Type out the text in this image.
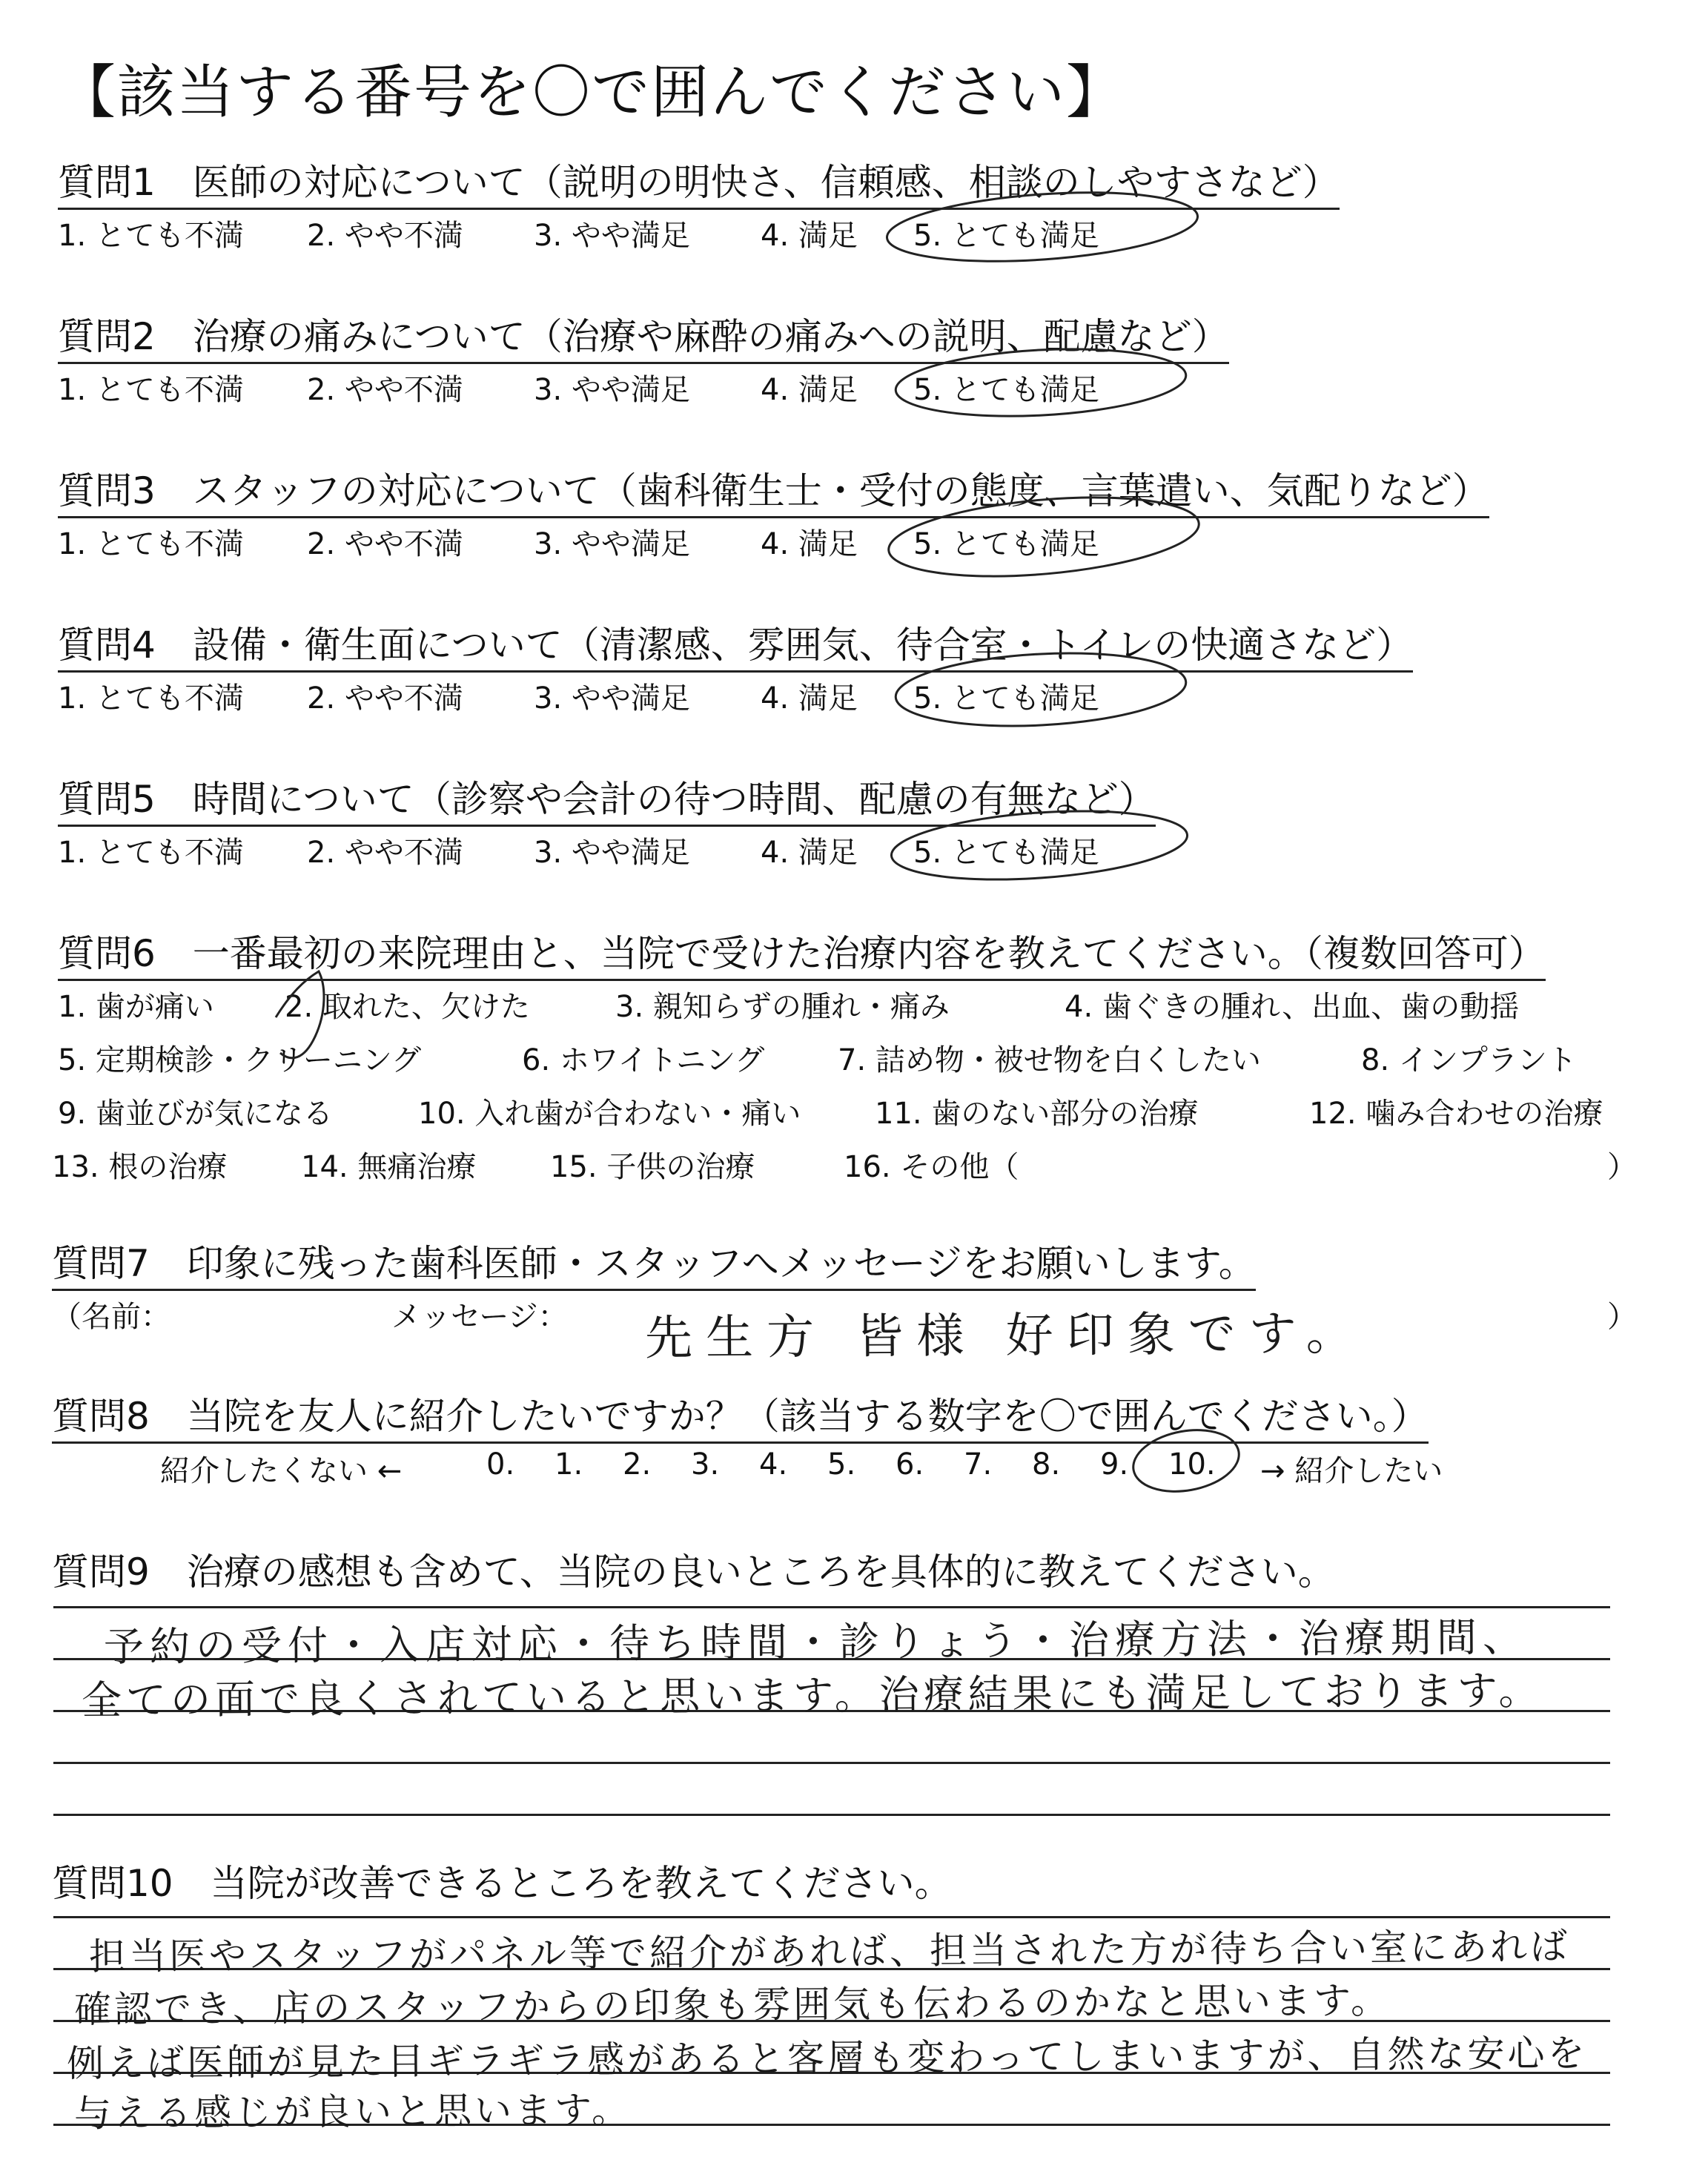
【該当する番号を〇で囲んでください】
質問1　医師の対応について（説明の明快さ、信頼感、相談のしやすさなど）
1. とても不満 2. やや不満 3. やや満足 4. 満足 5. とても満足
質問2　治療の痛みについて（治療や麻酔の痛みへの説明、配慮など）
1. とても不満 2. やや不満 3. やや満足 4. 満足 5. とても満足
質問3　スタッフの対応について（歯科衛生士・受付の態度、言葉遣い、気配りなど）
1. とても不満 2. やや不満 3. やや満足 4. 満足 5. とても満足
質問4　設備・衛生面について（清潔感、雰囲気、待合室・トイレの快適さなど）
1. とても不満 2. やや不満 3. やや満足 4. 満足 5. とても満足
質問5　時間について（診察や会計の待つ時間、配慮の有無など）
1. とても不満 2. やや不満 3. やや満足 4. 満足 5. とても満足
質問6　一番最初の来院理由と、当院で受けた治療内容を教えてください。（複数回答可）
1. 歯が痛い 2. 取れた、欠けた	3. 親知らずの腫れ・痛み	4. 歯ぐきの腫れ、出血、歯の動揺
5. 定期検診・クリーニング	6. ホワイトニング 7. 詰め物・被せ物を白くしたい	8. インプラント
9. 歯並びが気になる	10. 入れ歯が合わない・痛い 11. 歯のない部分の治療	12. 噛み合わせの治療
13. 根の治療 14. 無痛治療 15. 子供の治療	16. その他（	）
質問7　印象に残った歯科医師・スタッフへメッセージをお願いします。
（名前：	メッセージ： 先生方 皆様 好印象です。	）
質問8　当院を友人に紹介したいですか？（該当する数字を〇で囲んでください。）
紹介したくない ←	0. 1. 2. 3. 4. 5. 6. 7. 8. 9. 10.	→ 紹介したい
質問9　治療の感想も含めて、当院の良いところを具体的に教えてください。
予約の受付・入店対応・待ち時間・診りょう・治療方法・治療期間、
全ての面で良くされていると思います。治療結果にも満足しております。
質問10　当院が改善できるところを教えてください。
担当医やスタッフがパネル等で紹介があれば、担当された方が待ち合い室にあれば
確認でき、店のスタッフからの印象も雰囲気も伝わるのかなと思います。
例えば医師が見た目ギラギラ感があると客層も変わってしまいますが、自然な安心を
与える感じが良いと思います。
